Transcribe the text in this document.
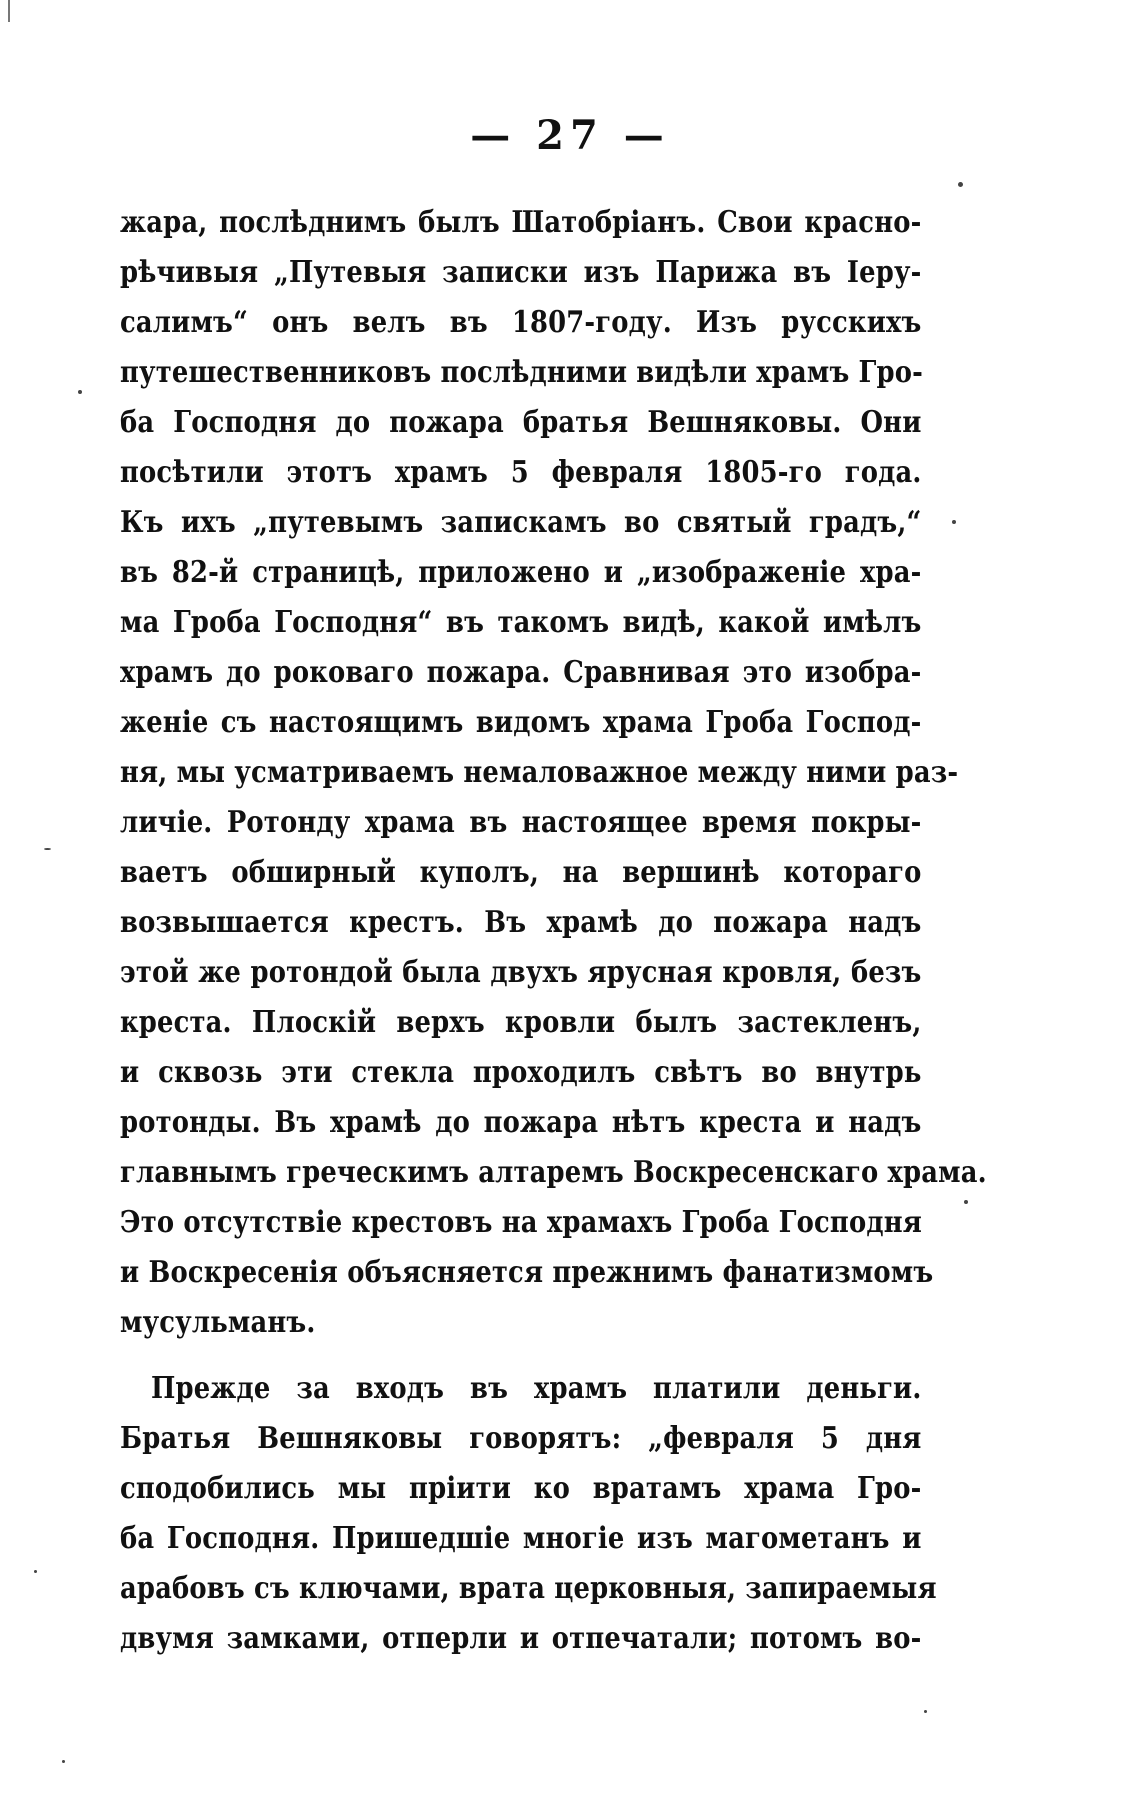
— 27 —
жара, послѣднимъ былъ Шатобріанъ. Свои красно-
рѣчивыя „Путевыя записки изъ Парижа въ Іеру-
салимъ“ онъ велъ въ 1807-году. Изъ русскихъ
путешественниковъ послѣдними видѣли храмъ Гро-
ба Господня до пожара братья Вешняковы. Они
посѣтили этотъ храмъ 5 февраля 1805-го года.
Къ ихъ „путевымъ запискамъ во святый градъ,“
въ 82-й страницѣ, приложено и „изображеніе хра-
ма Гроба Господня“ въ такомъ видѣ, какой имѣлъ
храмъ до роковаго пожара. Сравнивая это изобра-
женіе съ настоящимъ видомъ храма Гроба Господ-
ня, мы усматриваемъ немаловажное между ними раз-
личіе. Ротонду храма въ настоящее время покры-
ваетъ обширный куполъ, на вершинѣ котораго
возвышается крестъ. Въ храмѣ до пожара надъ
этой же ротондой была двухъ ярусная кровля, безъ
креста. Плоскій верхъ кровли былъ застекленъ,
и сквозь эти стекла проходилъ свѣтъ во внутрь
ротонды. Въ храмѣ до пожара нѣтъ креста и надъ
главнымъ греческимъ алтаремъ Воскресенскаго храма.
Это отсутствіе крестовъ на храмахъ Гроба Господня
и Воскресенія объясняется прежнимъ фанатизмомъ
мусульманъ.
Прежде за входъ въ храмъ платили деньги.
Братья Вешняковы говорятъ: „февраля 5 дня
сподобились мы пріити ко вратамъ храма Гро-
ба Господня. Пришедшіе многіе изъ магометанъ и
арабовъ съ ключами, врата церковныя, запираемыя
двумя замками, отперли и отпечатали; потомъ во-
